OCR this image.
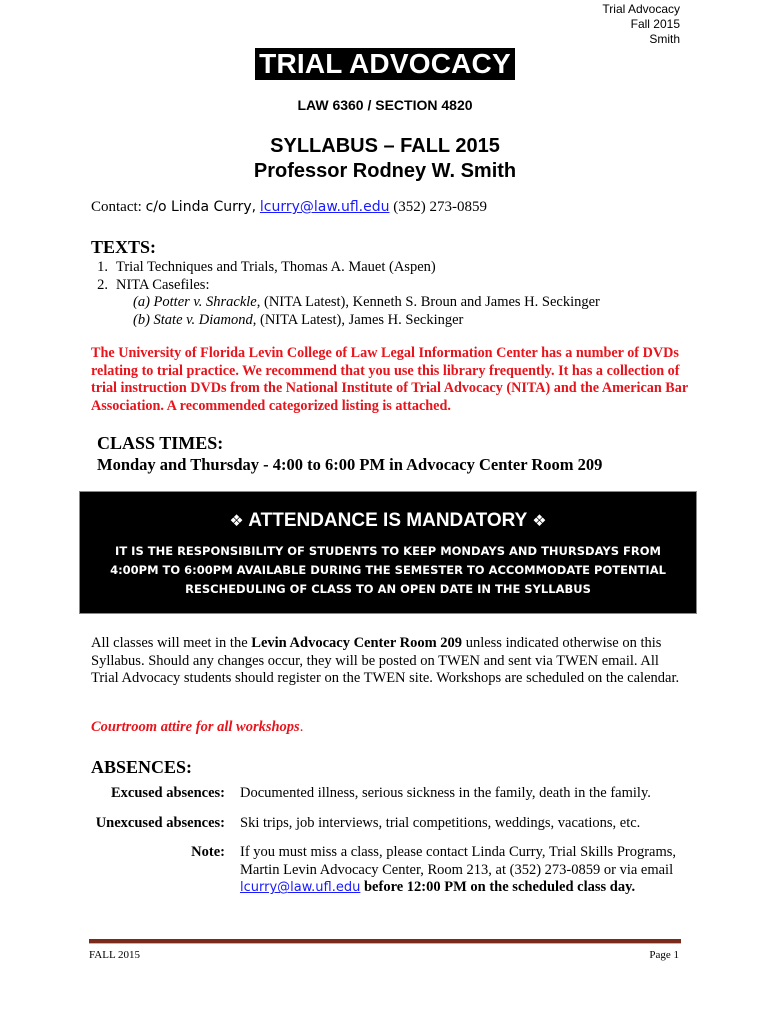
Trial Advocacy
Fall 2015
Smith
TRIAL ADVOCACY
LAW 6360 / SECTION 4820
SYLLABUS – FALL 2015
Professor Rodney W. Smith
Contact: c/o Linda Curry, lcurry@law.ufl.edu (352) 273-0859
TEXTS:
1. Trial Techniques and Trials, Thomas A. Mauet (Aspen)
2. NITA Casefiles:
(a) Potter v. Shrackle, (NITA Latest), Kenneth S. Broun and James H. Seckinger
(b) State v. Diamond, (NITA Latest), James H. Seckinger
The University of Florida Levin College of Law Legal Information Center has a number of DVDs relating to trial practice. We recommend that you use this library frequently. It has a collection of trial instruction DVDs from the National Institute of Trial Advocacy (NITA) and the American Bar Association. A recommended categorized listing is attached.
CLASS TIMES:
Monday and Thursday - 4:00 to 6:00 PM in Advocacy Center Room 209
❖ ATTENDANCE IS MANDATORY ❖
IT IS THE RESPONSIBILITY OF STUDENTS TO KEEP MONDAYS AND THURSDAYS FROM
4:00PM TO 6:00PM AVAILABLE DURING THE SEMESTER TO ACCOMMODATE POTENTIAL
RESCHEDULING OF CLASS TO AN OPEN DATE IN THE SYLLABUS
All classes will meet in the Levin Advocacy Center Room 209 unless indicated otherwise on this Syllabus. Should any changes occur, they will be posted on TWEN and sent via TWEN email. All Trial Advocacy students should register on the TWEN site. Workshops are scheduled on the calendar.
Courtroom attire for all workshops.
ABSENCES:
Excused absences: Documented illness, serious sickness in the family, death in the family.
Unexcused absences: Ski trips, job interviews, trial competitions, weddings, vacations, etc.
Note: If you must miss a class, please contact Linda Curry, Trial Skills Programs, Martin Levin Advocacy Center, Room 213, at (352) 273-0859 or via email lcurry@law.ufl.edu before 12:00 PM on the scheduled class day.
FALL 2015	Page 1
